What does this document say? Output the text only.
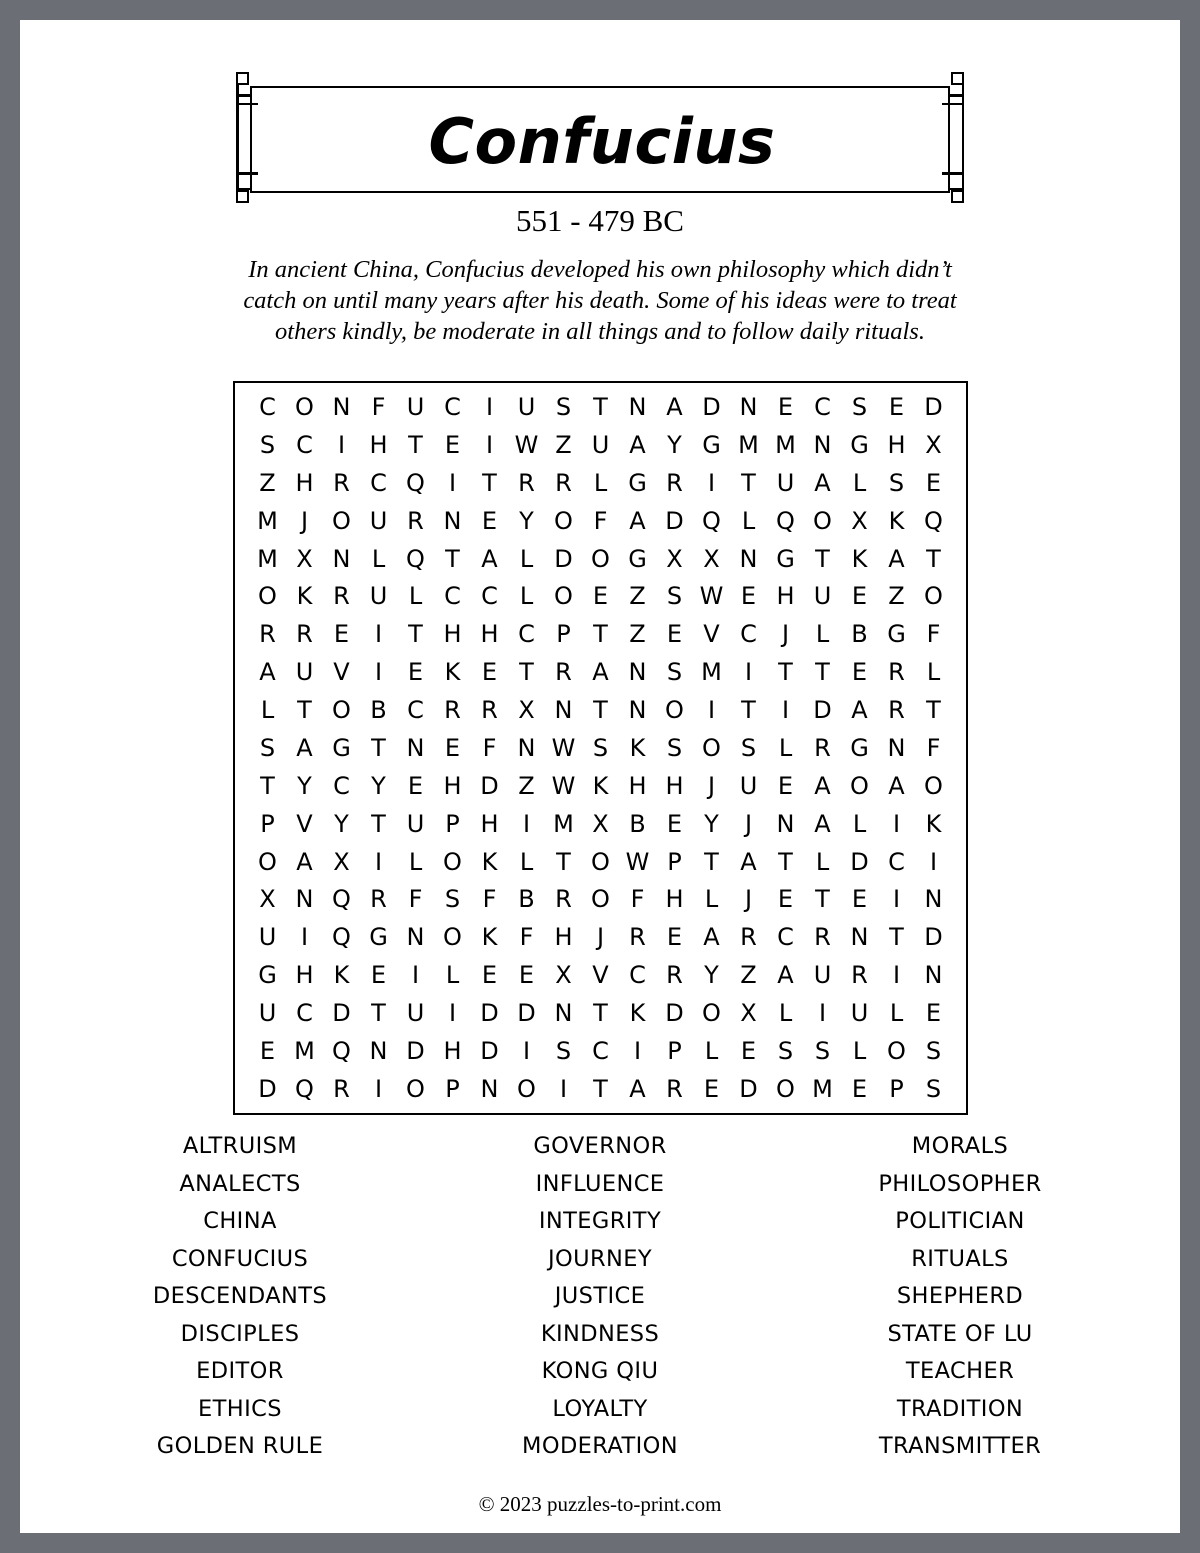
Confucius
551 - 479 BC
In ancient China, Confucius developed his own philosophy which didn’t catch on until many years after his death. Some of his ideas were to treat others kindly, be moderate in all things and to follow daily rituals.
C O N F U C	I	U S T N A D N E C S E D
S C	I	H T E	I W Z U A Y G M M N G H X
Z H R C Q	I	T R R L G R	I	T U A L S E
M J	O U R N E Y O F A D Q L Q O X K Q
M X N L Q T A L D O G X X N G T K A T
O K R U L C C L O E Z S W E H U E Z O
R R E	I	T H H C P T Z E V C	J	L B G F
A U V	I	E K E T R A N S M I	T T E R L
L T O B C R R X N T N O	I	T	I	D A R T
S A G T N E F N W S K S O S L R G N F
T Y C Y E H D Z W K H H	J	U E A O A O
P V Y T U P H	I M X B E Y	J	N A L	I	K
O A X	I	L O K L T O W P T A T L D C	I
X N Q R F S F B R O F H L	J	E T E	I	N
U	I	Q G N O K F H	J	R E A R C R N T D
G H K E	I	L E E X V C R Y Z A U R	I	N
U C D T U	I	D D N T K D O X L	I	U L E
E M Q N D H D	I	S C	I	P L E S S L O S
D Q R	I	O P N O	I	T A R E D O M E P S
ALTRUISM
ANALECTS
CHINA
CONFUCIUS
DESCENDANTS
DISCIPLES
EDITOR
ETHICS
GOLDEN RULE
GOVERNOR
INFLUENCE
INTEGRITY
JOURNEY
JUSTICE
KINDNESS
KONG QIU
LOYALTY
MODERATION
MORALS
PHILOSOPHER
POLITICIAN
RITUALS
SHEPHERD
STATE OF LU
TEACHER
TRADITION
TRANSMITTER
© 2023 puzzles-to-print.com
